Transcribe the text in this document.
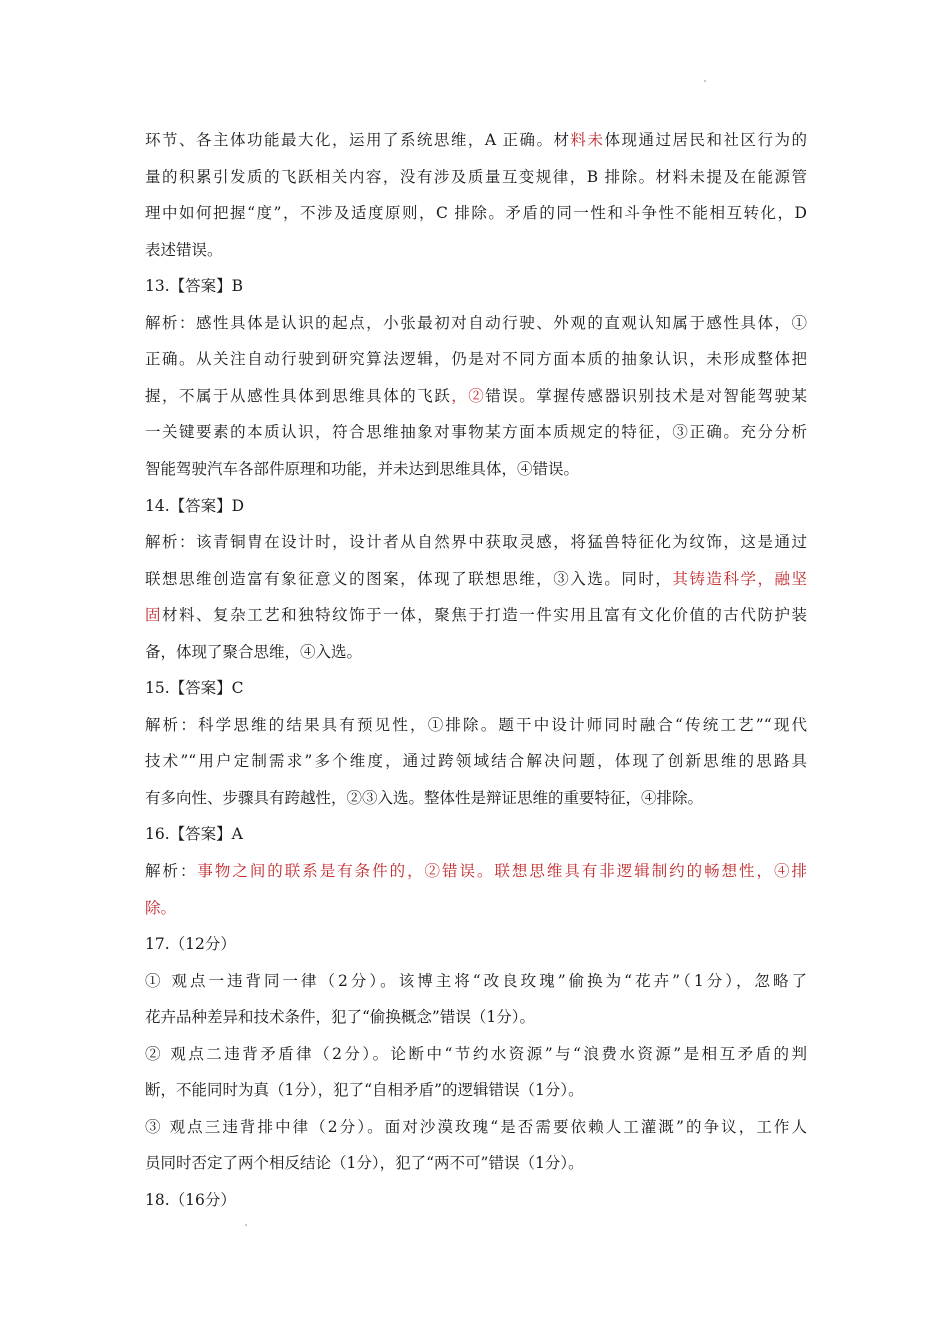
环节、各主体功能最大化，运用了系统思维，A 正确。材料未体现通过居民和社区行为的
量的积累引发质的飞跃相关内容，没有涉及质量互变规律，B 排除。材料未提及在能源管
理中如何把握“度”，不涉及适度原则，C 排除。矛盾的同一性和斗争性不能相互转化，D
表述错误。
13.【答案】B
解析：感性具体是认识的起点，小张最初对自动行驶、外观的直观认知属于感性具体，①
正确。从关注自动行驶到研究算法逻辑，仍是对不同方面本质的抽象认识，未形成整体把
握，不属于从感性具体到思维具体的飞跃，②错误。掌握传感器识别技术是对智能驾驶某
一关键要素的本质认识，符合思维抽象对事物某方面本质规定的特征，③正确。充分分析
智能驾驶汽车各部件原理和功能，并未达到思维具体，④错误。
14.【答案】D
解析：该青铜胄在设计时，设计者从自然界中获取灵感，将猛兽特征化为纹饰，这是通过
联想思维创造富有象征意义的图案，体现了联想思维，③入选。同时，其铸造科学，融坚
固材料、复杂工艺和独特纹饰于一体，聚焦于打造一件实用且富有文化价值的古代防护装
备，体现了聚合思维，④入选。
15.【答案】C
解析：科学思维的结果具有预见性，①排除。题干中设计师同时融合“传统工艺”“现代
技术”“用户定制需求”多个维度，通过跨领域结合解决问题，体现了创新思维的思路具
有多向性、步骤具有跨越性，②③入选。整体性是辩证思维的重要特征，④排除。
16.【答案】A
解析：事物之间的联系是有条件的，②错误。联想思维具有非逻辑制约的畅想性，④排
除。
17.（12分）
① 观点一违背同一律（2分）。该博主将“改良玫瑰”偷换为“花卉”（1分），忽略了
花卉品种差异和技术条件，犯了“偷换概念”错误（1分）。
② 观点二违背矛盾律（2分）。论断中“节约水资源”与“浪费水资源”是相互矛盾的判
断，不能同时为真（1分），犯了“自相矛盾”的逻辑错误（1分）。
③ 观点三违背排中律（2分）。面对沙漠玫瑰“是否需要依赖人工灌溉”的争议，工作人
员同时否定了两个相反结论（1分），犯了“两不可”错误（1分）。
18.（16分）
